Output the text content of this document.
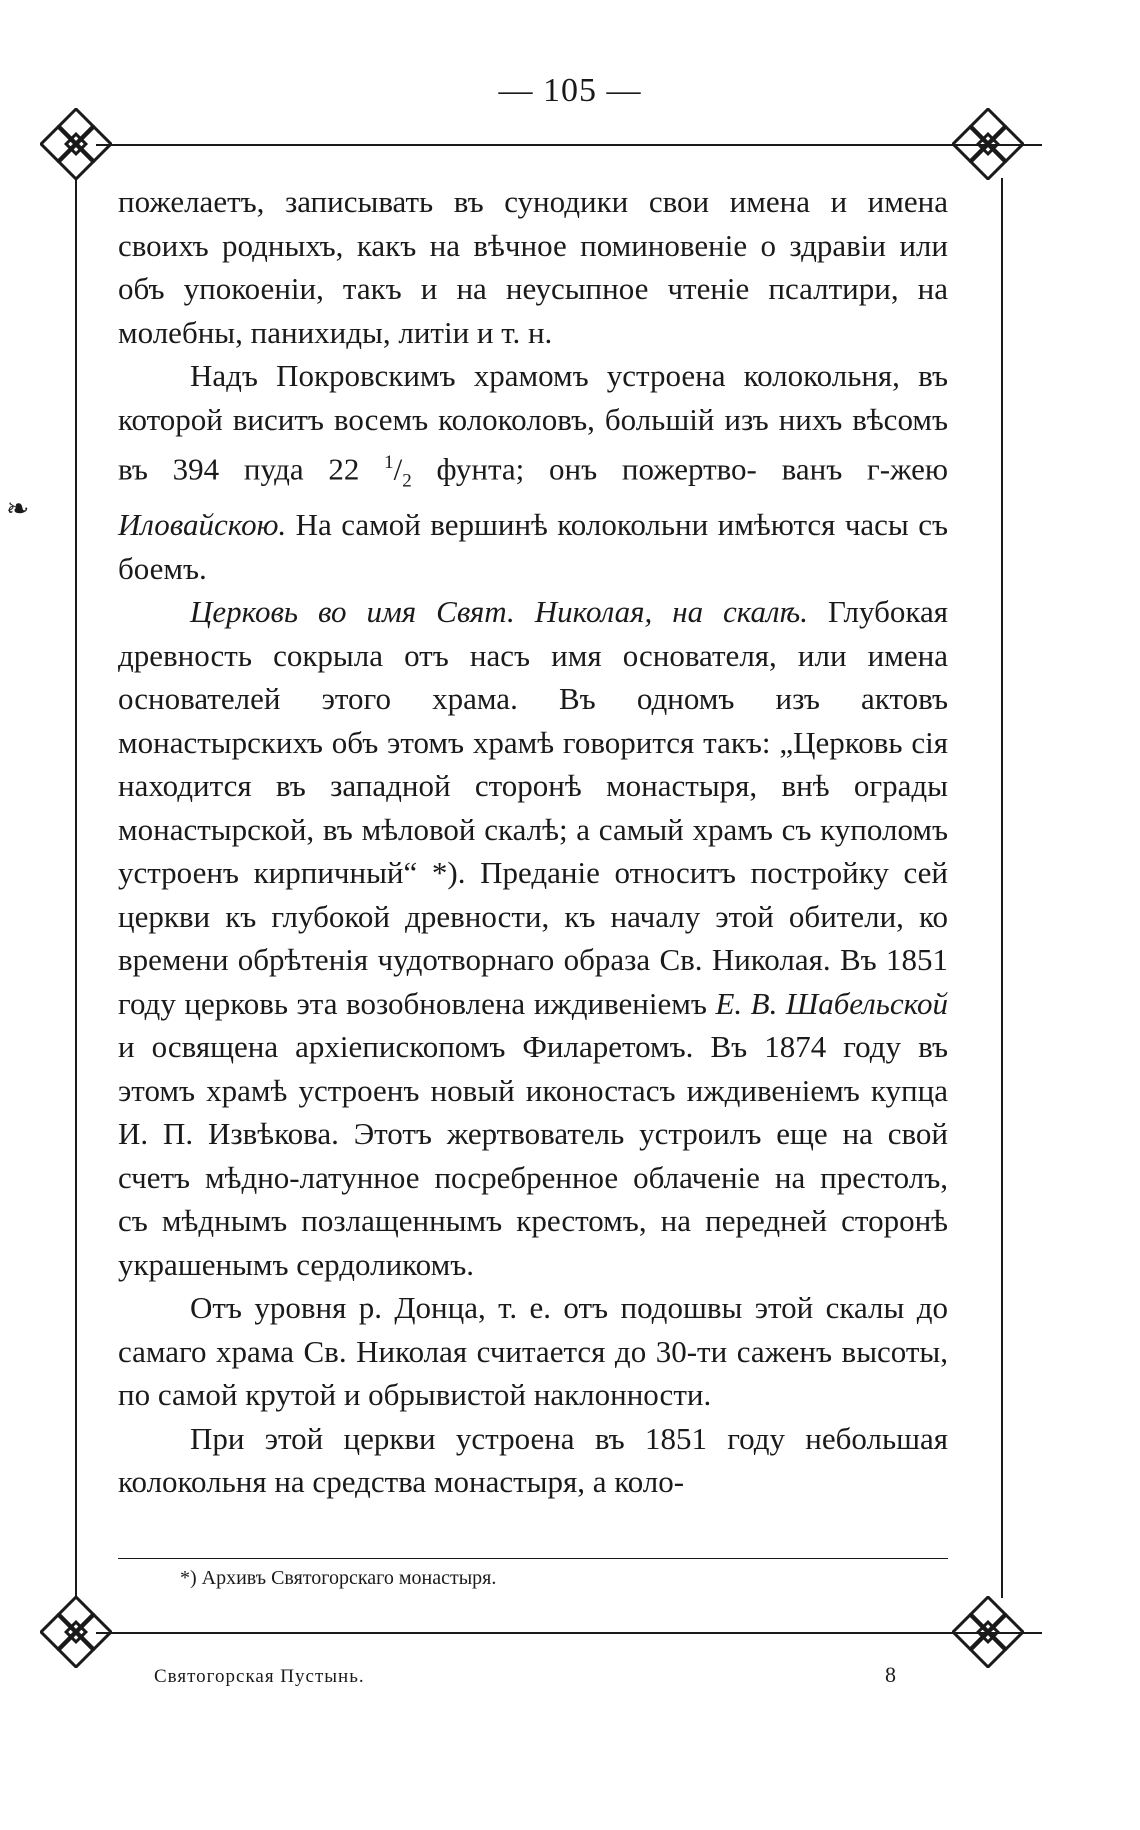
— 105 —
❧

пожелаетъ, записывать въ сунодики свои имена и имена своихъ родныхъ, какъ на вѣчное поминовеніе о здравіи или объ упокоеніи, такъ и на неусыпное чтеніе псалтири, на молебны, панихиды, литіи и т. н.

Надъ Покровскимъ храмомъ устроена колокольня, въ которой виситъ восемъ колоколовъ, большій изъ нихъ вѣсомъ въ 394 пуда 22 $^1/_2$ фунта; онъ пожертво- ванъ г-жею Иловайскою. На самой вершинѣ колокольни имѣются часы съ боемъ.

Церковь во имя Свят. Николая, на скалѣ. Глубокая древность сокрыла отъ насъ имя основателя, или имена основателей этого храма. Въ одномъ изъ актовъ монастырскихъ объ этомъ храмѣ говорится такъ: „Церковь сія находится въ западной сторонѣ монастыря, внѣ ограды монастырской, въ мѣловой скалѣ; а самый храмъ съ куполомъ устроенъ кирпичный“ *). Преданіе относитъ постройку сей церкви къ глубокой древности, къ началу этой обители, ко времени обрѣтенія чудотворнаго образа Св. Николая. Въ 1851 году церковь эта возобновлена иждивеніемъ Е. В. Шабельской и освящена архіепископомъ Филаретомъ. Въ 1874 году въ этомъ храмѣ устроенъ новый иконостасъ иждивеніемъ купца И. П. Извѣкова. Этотъ жертвователь устроилъ еще на свой счетъ мѣдно-латунное посребренное облаченіе на престолъ, съ мѣднымъ позлащеннымъ крестомъ, на передней сторонѣ украшенымъ сердоликомъ.

Отъ уровня р. Донца, т. е. отъ подошвы этой скалы до самаго храма Св. Николая считается до 30-ти саженъ высоты, по самой крутой и обрывистой наклонности.

При этой церкви устроена въ 1851 году небольшая колокольня на средства монастыря, а коло-

*) Архивъ Святогорскаго монастыря.
Святогорская Пустынь.	8
